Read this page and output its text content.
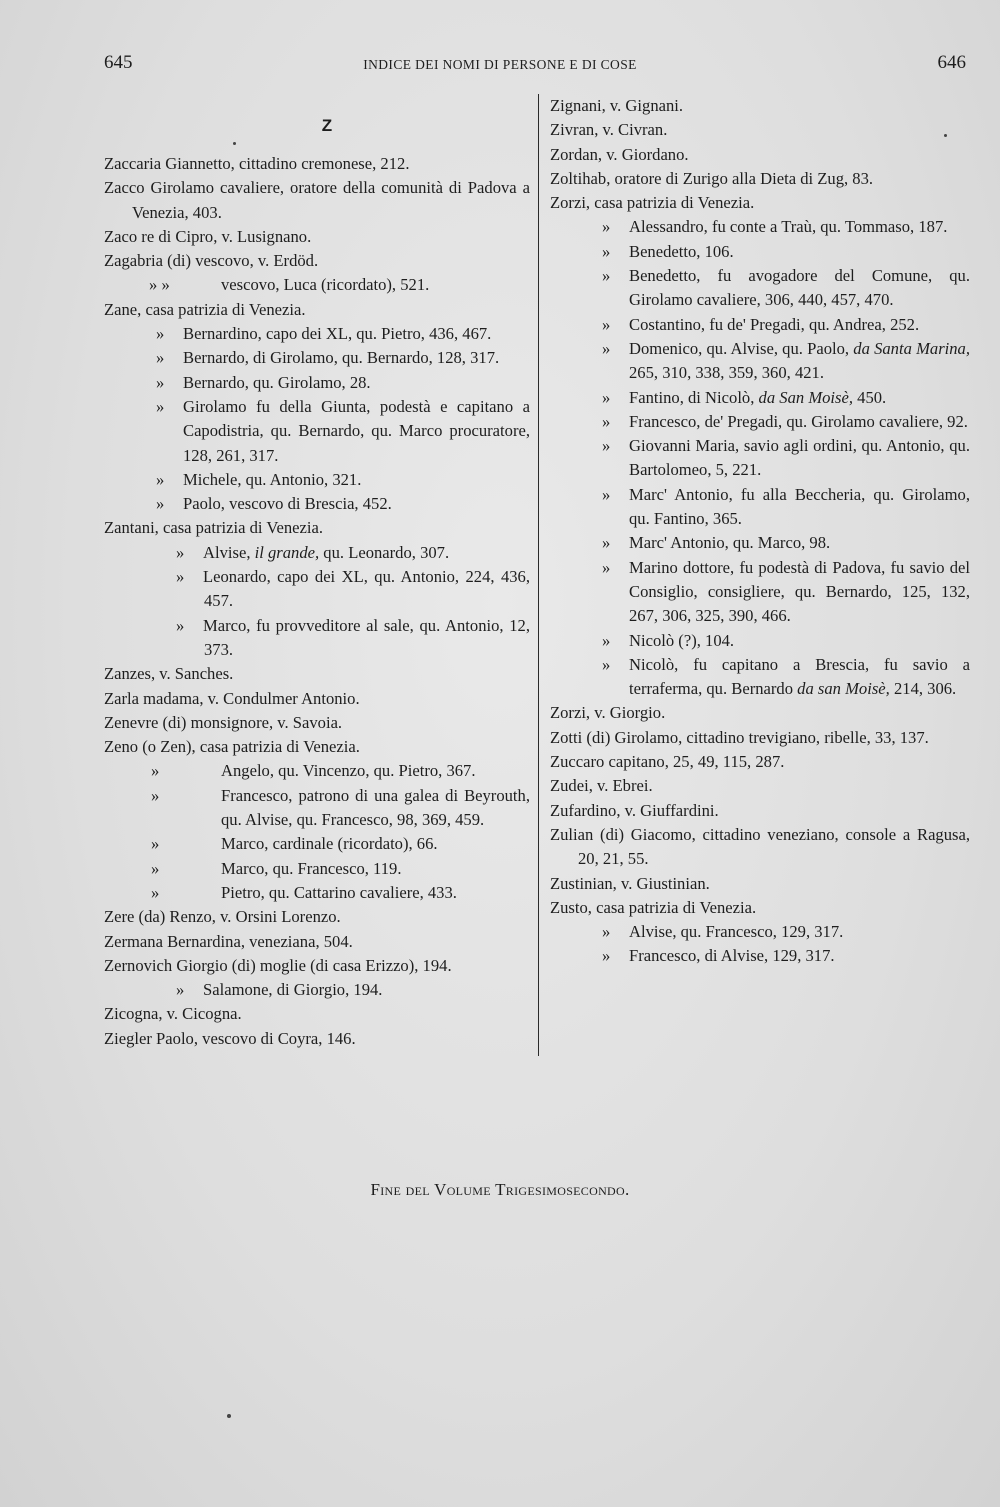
645	INDICE DEI NOMI DI PERSONE E DI COSE	646
Z
Zaccaria Giannetto, cittadino cremonese, 212.
Zacco Girolamo cavaliere, oratore della comunità di Padova a Venezia, 403.
Zaco re di Cipro, v. Lusignano.
Zagabria (di) vescovo, v. Erdöd.
» »	vescovo, Luca (ricordato), 521.
Zane, casa patrizia di Venezia.
» Bernardino, capo dei XL, qu. Pietro, 436, 467.
» Bernardo, di Girolamo, qu. Bernardo, 128, 317.
» Bernardo, qu. Girolamo, 28.
» Girolamo fu della Giunta, podestà e capitano a Capodistria, qu. Bernardo, qu. Marco procuratore, 128, 261, 317.
» Michele, qu. Antonio, 321.
» Paolo, vescovo di Brescia, 452.
Zantani, casa patrizia di Venezia.
» Alvise, il grande, qu. Leonardo, 307.
» Leonardo, capo dei XL, qu. Antonio, 224, 436, 457.
» Marco, fu provveditore al sale, qu. Antonio, 12, 373.
Zanzes, v. Sanches.
Zarla madama, v. Condulmer Antonio.
Zenevre (di) monsignore, v. Savoia.
Zeno (o Zen), casa patrizia di Venezia.
»	Angelo, qu. Vincenzo, qu. Pietro, 367.
»	Francesco, patrono di una galea di Beyrouth, qu. Alvise, qu. Francesco, 98, 369, 459.
»	Marco, cardinale (ricordato), 66.
»	Marco, qu. Francesco, 119.
»	Pietro, qu. Cattarino cavaliere, 433.
Zere (da) Renzo, v. Orsini Lorenzo.
Zermana Bernardina, veneziana, 504.
Zernovich Giorgio (di) moglie (di casa Erizzo), 194.
» Salamone, di Giorgio, 194.
Zicogna, v. Cicogna.
Ziegler Paolo, vescovo di Coyra, 146.
Zignani, v. Gignani.
Zivran, v. Civran.
Zordan, v. Giordano.
Zoltihab, oratore di Zurigo alla Dieta di Zug, 83.
Zorzi, casa patrizia di Venezia.
» Alessandro, fu conte a Traù, qu. Tommaso, 187.
» Benedetto, 106.
» Benedetto, fu avogadore del Comune, qu. Girolamo cavaliere, 306, 440, 457, 470.
» Costantino, fu de' Pregadi, qu. Andrea, 252.
» Domenico, qu. Alvise, qu. Paolo, da Santa Marina, 265, 310, 338, 359, 360, 421.
» Fantino, di Nicolò, da San Moisè, 450.
» Francesco, de' Pregadi, qu. Girolamo cavaliere, 92.
» Giovanni Maria, savio agli ordini, qu. Antonio, qu. Bartolomeo, 5, 221.
» Marc' Antonio, fu alla Beccheria, qu. Girolamo, qu. Fantino, 365.
» Marc' Antonio, qu. Marco, 98.
» Marino dottore, fu podestà di Padova, fu savio del Consiglio, consigliere, qu. Bernardo, 125, 132, 267, 306, 325, 390, 466.
» Nicolò (?), 104.
» Nicolò, fu capitano a Brescia, fu savio a terraferma, qu. Bernardo da san Moisè, 214, 306.
Zorzi, v. Giorgio.
Zotti (di) Girolamo, cittadino trevigiano, ribelle, 33, 137.
Zuccaro capitano, 25, 49, 115, 287.
Zudei, v. Ebrei.
Zufardino, v. Giuffardini.
Zulian (di) Giacomo, cittadino veneziano, console a Ragusa, 20, 21, 55.
Zustinian, v. Giustinian.
Zusto, casa patrizia di Venezia.
» Alvise, qu. Francesco, 129, 317.
» Francesco, di Alvise, 129, 317.
Fine del Volume Trigesimosecondo.
